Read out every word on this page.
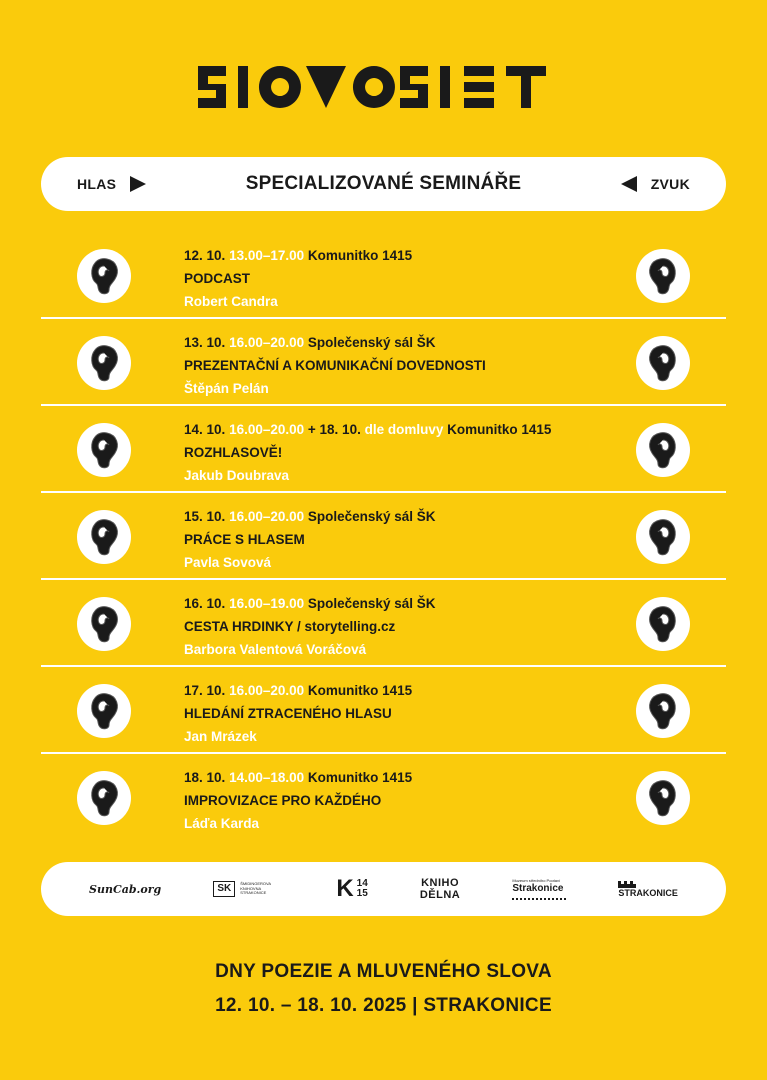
HLAS	SPECIALIZOVANÉ SEMINÁŘE	ZVUK
12. 10. 13.00–17.00 Komunitko 1415
PODCAST
Robert Candra
13. 10. 16.00–20.00 Společenský sál ŠK
PREZENTAČNÍ A KOMUNIKAČNÍ DOVEDNOSTI
Štěpán Pelán
14. 10. 16.00–20.00 + 18. 10. dle domluvy Komunitko 1415
ROZHLASOVĚ!
Jakub Doubrava
15. 10. 16.00–20.00 Společenský sál ŠK
PRÁCE S HLASEM
Pavla Sovová
16. 10. 16.00–19.00 Společenský sál ŠK
CESTA HRDINKY / storytelling.cz
Barbora Valentová Voráčová
17. 10. 16.00–20.00 Komunitko 1415
HLEDÁNÍ ZTRACENÉHO HLASU
Jan Mrázek
18. 10. 14.00–18.00 Komunitko 1415
IMPROVIZACE PRO KAŽDÉHO
Láďa Karda
SunCab.org	SK	ŠMIDINGEROVA KNIHOVNA STRAKONICE	K 14
15
KNIHO
DĚLNA
Muzeum středního Pootaví
Strakonice	STRAKONICE
DNY POEZIE A MLUVENÉHO SLOVA
12. 10. – 18. 10. 2025 | STRAKONICE
